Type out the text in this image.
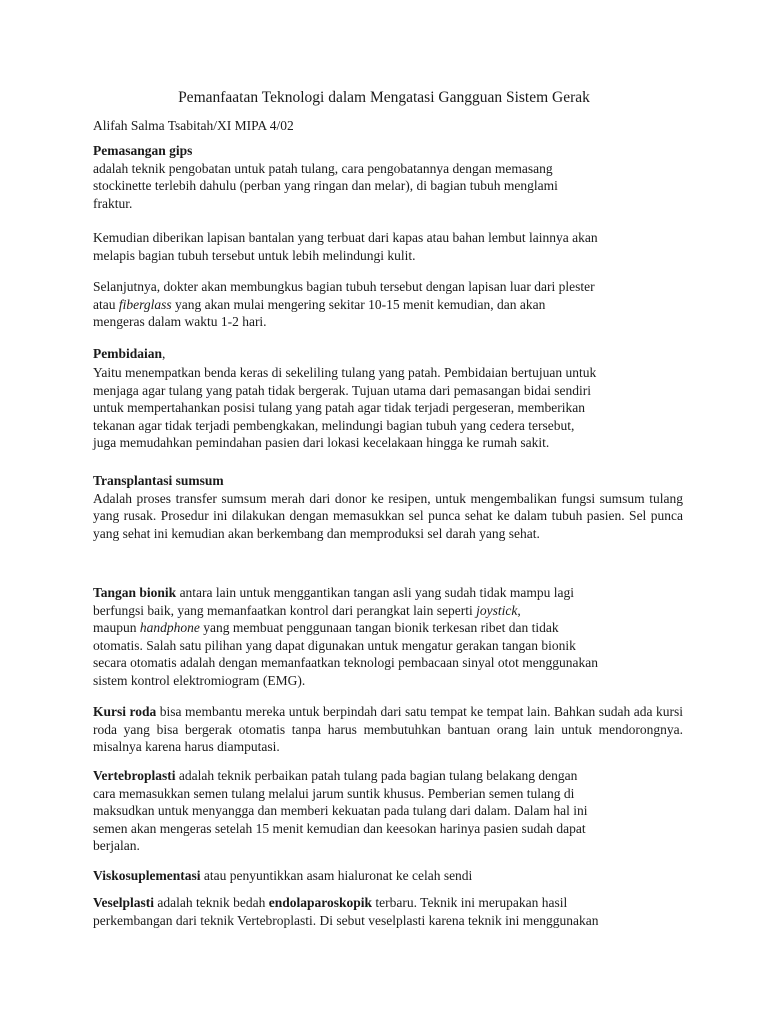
Pemanfaatan Teknologi dalam Mengatasi Gangguan Sistem Gerak
Alifah Salma Tsabitah/XI MIPA 4/02

Pemasangan gips

adalah teknik pengobatan untuk patah tulang, cara pengobatannya dengan memasang
stockinette terlebih dahulu (perban yang ringan dan melar), di bagian tubuh menglami
fraktur.

Kemudian diberikan lapisan bantalan yang terbuat dari kapas atau bahan lembut lainnya akan
melapis bagian tubuh tersebut untuk lebih melindungi kulit.

Selanjutnya, dokter akan membungkus bagian tubuh tersebut dengan lapisan luar dari plester
atau fiberglass yang akan mulai mengering sekitar 10-15 menit kemudian, dan akan
mengeras dalam waktu 1-2 hari.

Pembidaian,

Yaitu menempatkan benda keras di sekeliling tulang yang patah. Pembidaian bertujuan untuk
menjaga agar tulang yang patah tidak bergerak. Tujuan utama dari pemasangan bidai sendiri
untuk mempertahankan posisi tulang yang patah agar tidak terjadi pergeseran, memberikan
tekanan agar tidak terjadi pembengkakan, melindungi bagian tubuh yang cedera tersebut,
juga memudahkan pemindahan pasien dari lokasi kecelakaan hingga ke rumah sakit.

Transplantasi sumsum

Adalah proses transfer sumsum merah dari donor ke resipen, untuk mengembalikan fungsi sumsum tulang yang rusak. Prosedur ini dilakukan dengan memasukkan sel punca sehat ke dalam tubuh pasien. Sel punca yang sehat ini kemudian akan berkembang dan memproduksi sel darah yang sehat.

Tangan bionik antara lain untuk menggantikan tangan asli yang sudah tidak mampu lagi
berfungsi baik, yang memanfaatkan kontrol dari perangkat lain seperti joystick,
maupun handphone yang membuat penggunaan tangan bionik terkesan ribet dan tidak
otomatis. Salah satu pilihan yang dapat digunakan untuk mengatur gerakan tangan bionik
secara otomatis adalah dengan memanfaatkan teknologi pembacaan sinyal otot menggunakan
sistem kontrol elektromiogram (EMG).

Kursi roda bisa membantu mereka untuk berpindah dari satu tempat ke tempat lain. Bahkan sudah ada kursi roda yang bisa bergerak otomatis tanpa harus membutuhkan bantuan orang lain untuk mendorongnya. misalnya karena harus diamputasi.

Vertebroplasti adalah teknik perbaikan patah tulang pada bagian tulang belakang dengan
cara memasukkan semen tulang melalui jarum suntik khusus. Pemberian semen tulang di
maksudkan untuk menyangga dan memberi kekuatan pada tulang dari dalam. Dalam hal ini
semen akan mengeras setelah 15 menit kemudian dan keesokan harinya pasien sudah dapat
berjalan.

Viskosuplementasi atau penyuntikkan asam hialuronat ke celah sendi

Veselplasti adalah teknik bedah endolaparoskopik terbaru. Teknik ini merupakan hasil
perkembangan dari teknik Vertebroplasti. Di sebut veselplasti karena teknik ini menggunakan
